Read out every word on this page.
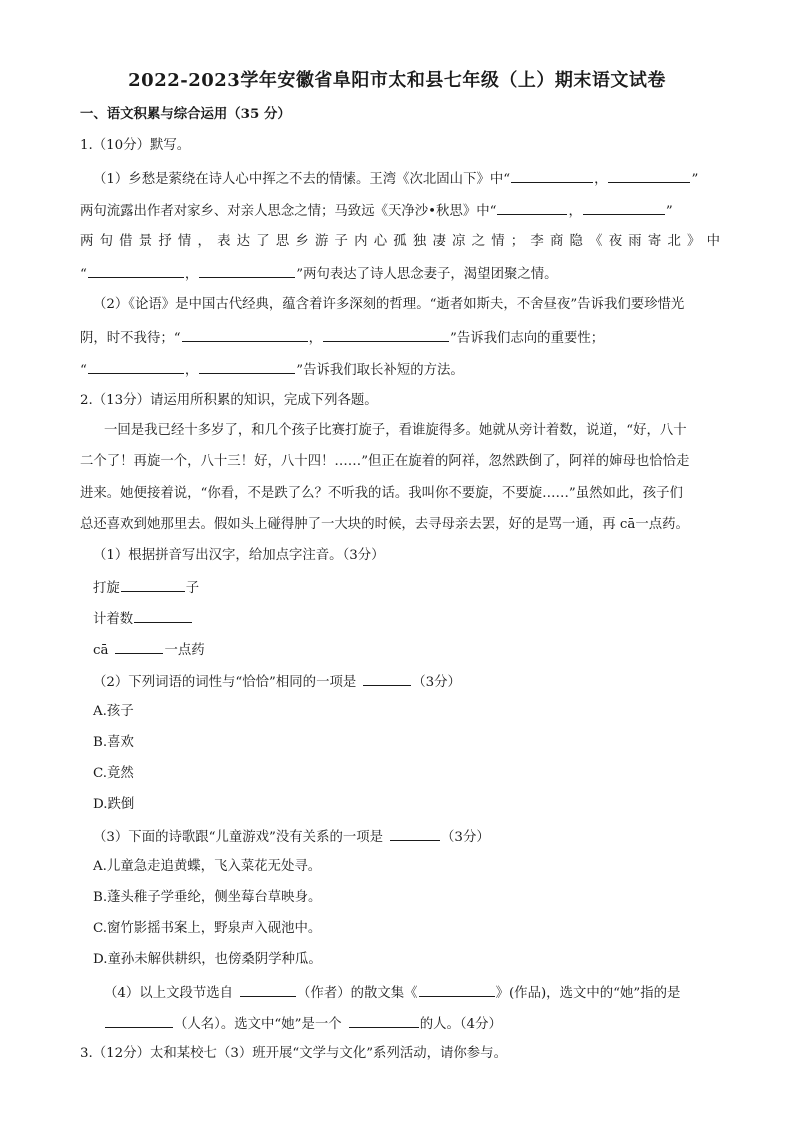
2022-2023学年安徽省阜阳市太和县七年级（上）期末语文试卷
一、语文积累与综合运用（35 分）
1.（10分）默写。
（1）乡愁是萦绕在诗人心中挥之不去的情愫。王湾《次北固山下》中“	，	”
两句流露出作者对家乡、对亲人思念之情；马致远《天净沙•秋思》中“	，	”
两句借景抒情，表达了思乡游子内心孤独凄凉之情；李商隐《夜雨寄北》中
“	，	”两句表达了诗人思念妻子，渴望团聚之情。
（2）《论语》是中国古代经典，蕴含着许多深刻的哲理。“逝者如斯夫，不舍昼夜”告诉我们要珍惜光
阴，时不我待；“	，	”告诉我们志向的重要性；
“	，	”告诉我们取长补短的方法。
2.（13分）请运用所积累的知识，完成下列各题。
一回是我已经十多岁了，和几个孩子比赛打旋子，看谁旋得多。她就从旁计着数，说道，“好，八十
二个了！再旋一个，八十三！好，八十四！……”但正在旋着的阿祥，忽然跌倒了，阿祥的婶母也恰恰走
进来。她便接着说，“你看，不是跌了么？不听我的话。我叫你不要旋，不要旋……”虽然如此，孩子们
总还喜欢到她那里去。假如头上碰得肿了一大块的时候，去寻母亲去罢，好的是骂一通，再 cā一点药。
（1）根据拼音写出汉字，给加点字注音。（3分）
打旋	子
计着数
cā	一点药
（2）下列词语的词性与“恰恰”相同的一项是	（3分）
A.孩子
B.喜欢
C.竟然
D.跌倒
（3）下面的诗歌跟“儿童游戏”没有关系的一项是	（3分）
A.儿童急走追黄蝶，飞入菜花无处寻。
B.蓬头稚子学垂纶，侧坐莓台草映身。
C.窗竹影摇书案上，野泉声入砚池中。
D.童孙未解供耕织，也傍桑阴学种瓜。
（4）以上文段节选自	（作者）的散文集《	》(作品)，选文中的“她”指的是
（人名）。选文中“她”是一个	的人。（4分）
3.（12分）太和某校七（3）班开展“文学与文化”系列活动，请你参与。
